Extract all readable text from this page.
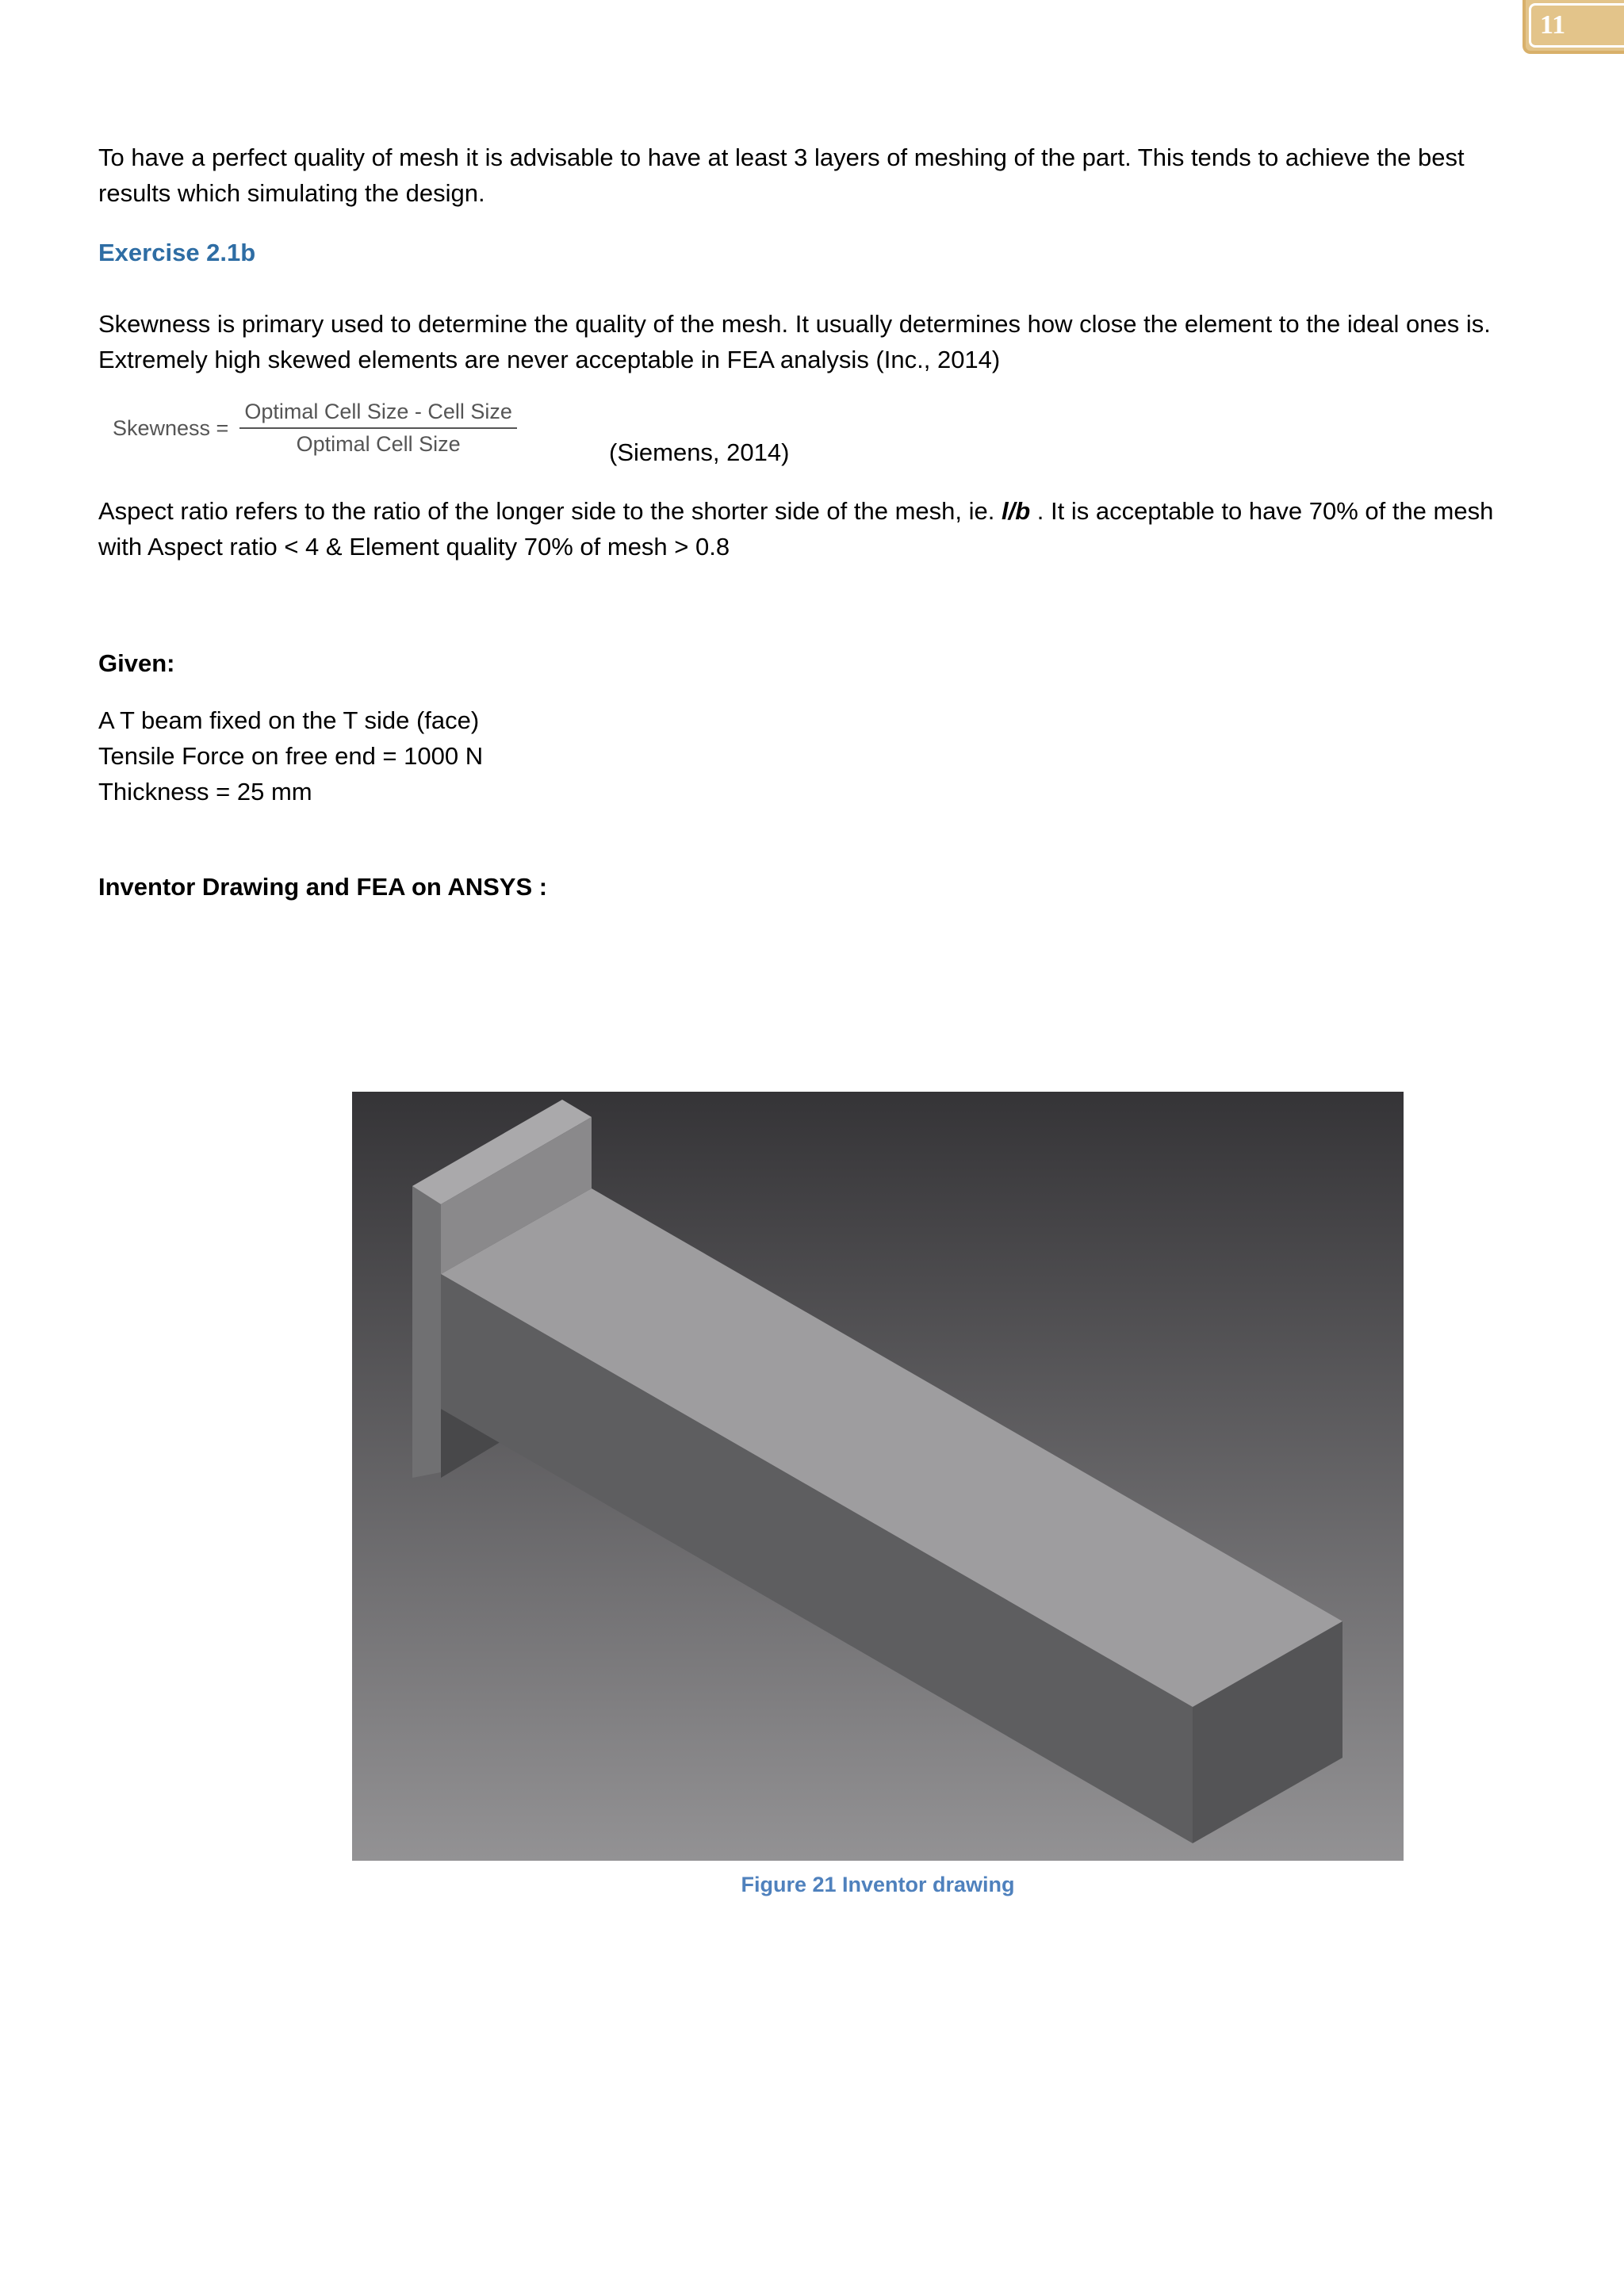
11

To have a perfect quality of mesh it is advisable to have at least 3 layers of meshing of the part. This tends to achieve the best results which simulating the design.

Exercise 2.1b

Skewness is primary used to determine the quality of the mesh. It usually determines how close the element to the ideal ones is. Extremely high skewed elements are never acceptable in FEA analysis (Inc., 2014)

Skewness = $\frac{\text{Optimal Cell Size - Cell Size}}{\text{Optimal Cell Size}}$	(Siemens, 2014)

Aspect ratio refers to the ratio of the longer side to the shorter side of the mesh, ie. l/b . It is acceptable to have 70% of the mesh with Aspect ratio < 4 & Element quality 70% of mesh > 0.8

Given:

A T beam fixed on the T side (face)

Tensile Force on free end = 1000 N

Thickness = 25 mm

Inventor Drawing and FEA on ANSYS :

Figure 21 Inventor drawing
